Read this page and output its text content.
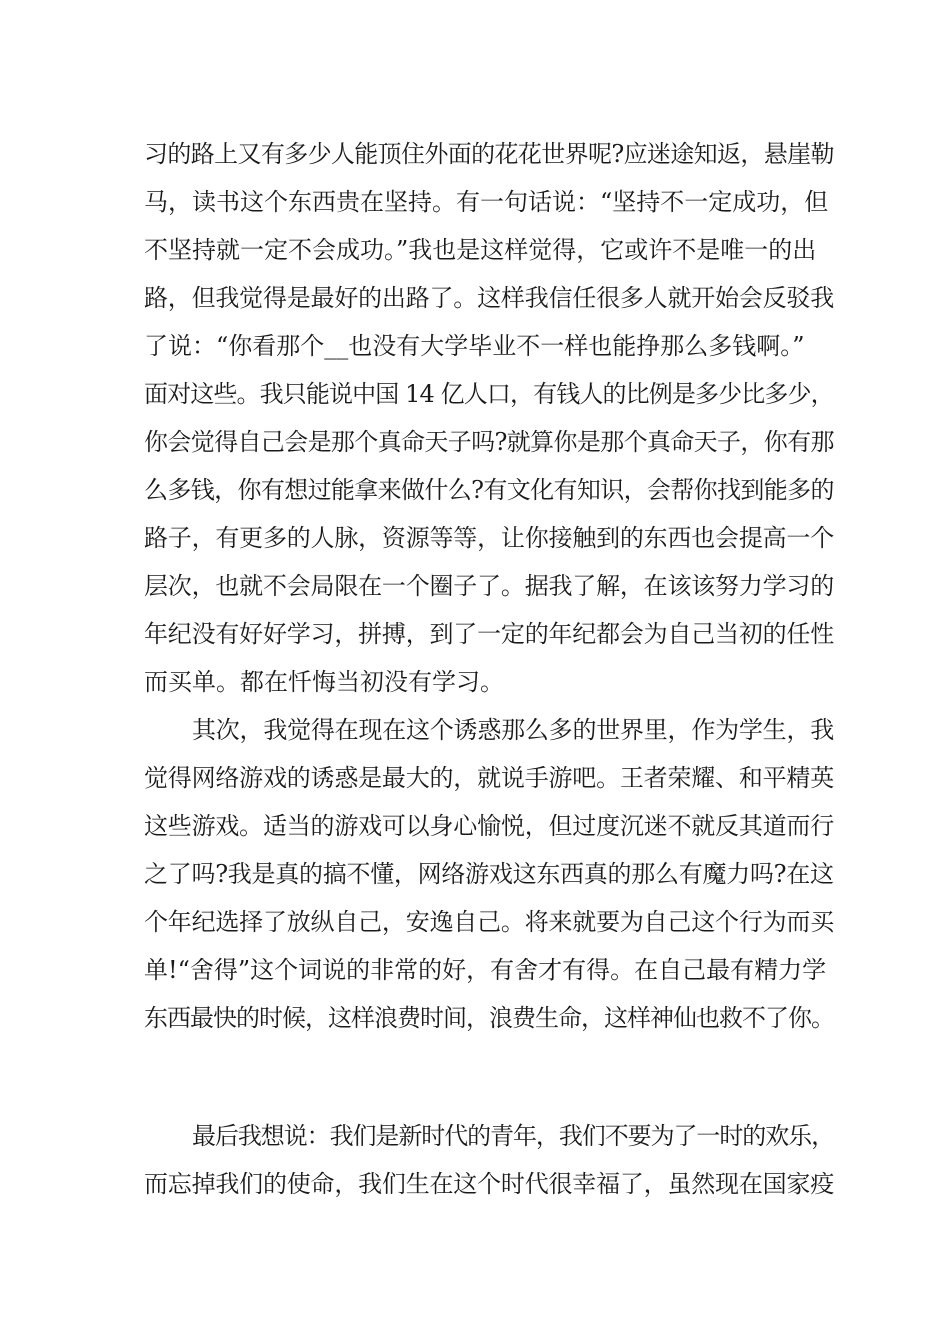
习的路上又有多少人能顶住外面的花花世界呢?应迷途知返，悬崖勒
马，读书这个东西贵在坚持。有一句话说：“坚持不一定成功，但
不坚持就一定不会成功。”我也是这样觉得，它或许不是唯一的出
路，但我觉得是最好的出路了。这样我信任很多人就开始会反驳我
了说：“你看那个__也没有大学毕业不一样也能挣那么多钱啊。”
面对这些。我只能说中国 14 亿人口，有钱人的比例是多少比多少，
你会觉得自己会是那个真命天子吗?就算你是那个真命天子，你有那
么多钱，你有想过能拿来做什么?有文化有知识，会帮你找到能多的
路子，有更多的人脉，资源等等，让你接触到的东西也会提高一个
层次，也就不会局限在一个圈子了。据我了解，在该该努力学习的
年纪没有好好学习，拼搏，到了一定的年纪都会为自己当初的任性
而买单。都在忏悔当初没有学习。
其次，我觉得在现在这个诱惑那么多的世界里，作为学生，我
觉得网络游戏的诱惑是最大的，就说手游吧。王者荣耀、和平精英
这些游戏。适当的游戏可以身心愉悦，但过度沉迷不就反其道而行
之了吗?我是真的搞不懂，网络游戏这东西真的那么有魔力吗?在这
个年纪选择了放纵自己，安逸自己。将来就要为自己这个行为而买
单!“舍得”这个词说的非常的好，有舍才有得。在自己最有精力学
东西最快的时候，这样浪费时间，浪费生命，这样神仙也救不了你。
最后我想说：我们是新时代的青年，我们不要为了一时的欢乐，
而忘掉我们的使命，我们生在这个时代很幸福了，虽然现在国家疫
